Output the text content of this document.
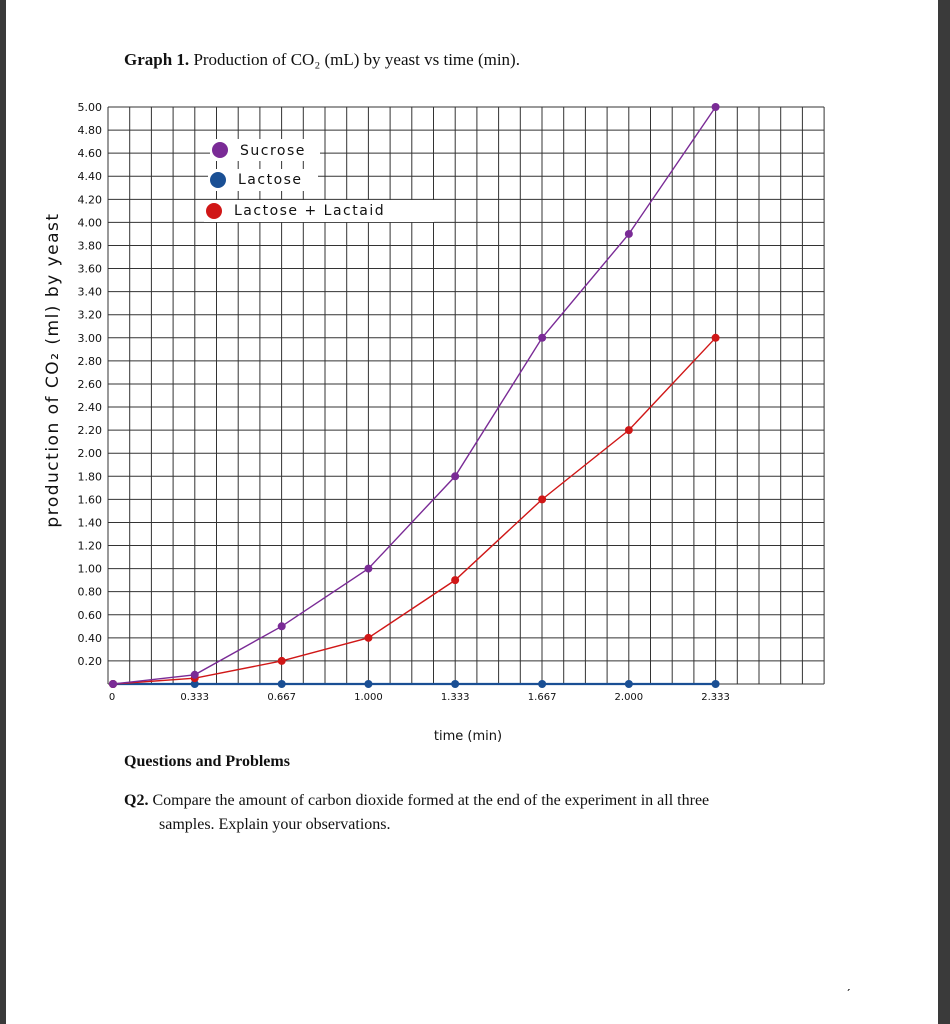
Graph 1. Production of CO₂ (mL) by yeast vs time (min).
0.20
0.40
0.60
0.80
1.00
1.20
1.40
1.60
1.80
2.00
2.20
2.40
2.60
2.80
3.00
3.20
3.40
3.60
3.80
4.00
4.20
4.40
4.60
4.80
5.00
0	0.333	0.667	1.000	1.333	1.667	2.000	2.333
Sucrose
Lactose
Lactose + Lactaid
production of CO₂ (ml) by yeast
time (min)
Questions and Problems
Q2. Compare the amount of carbon dioxide formed at the end of the experiment in all three
samples. Explain your observations.
ˏ
